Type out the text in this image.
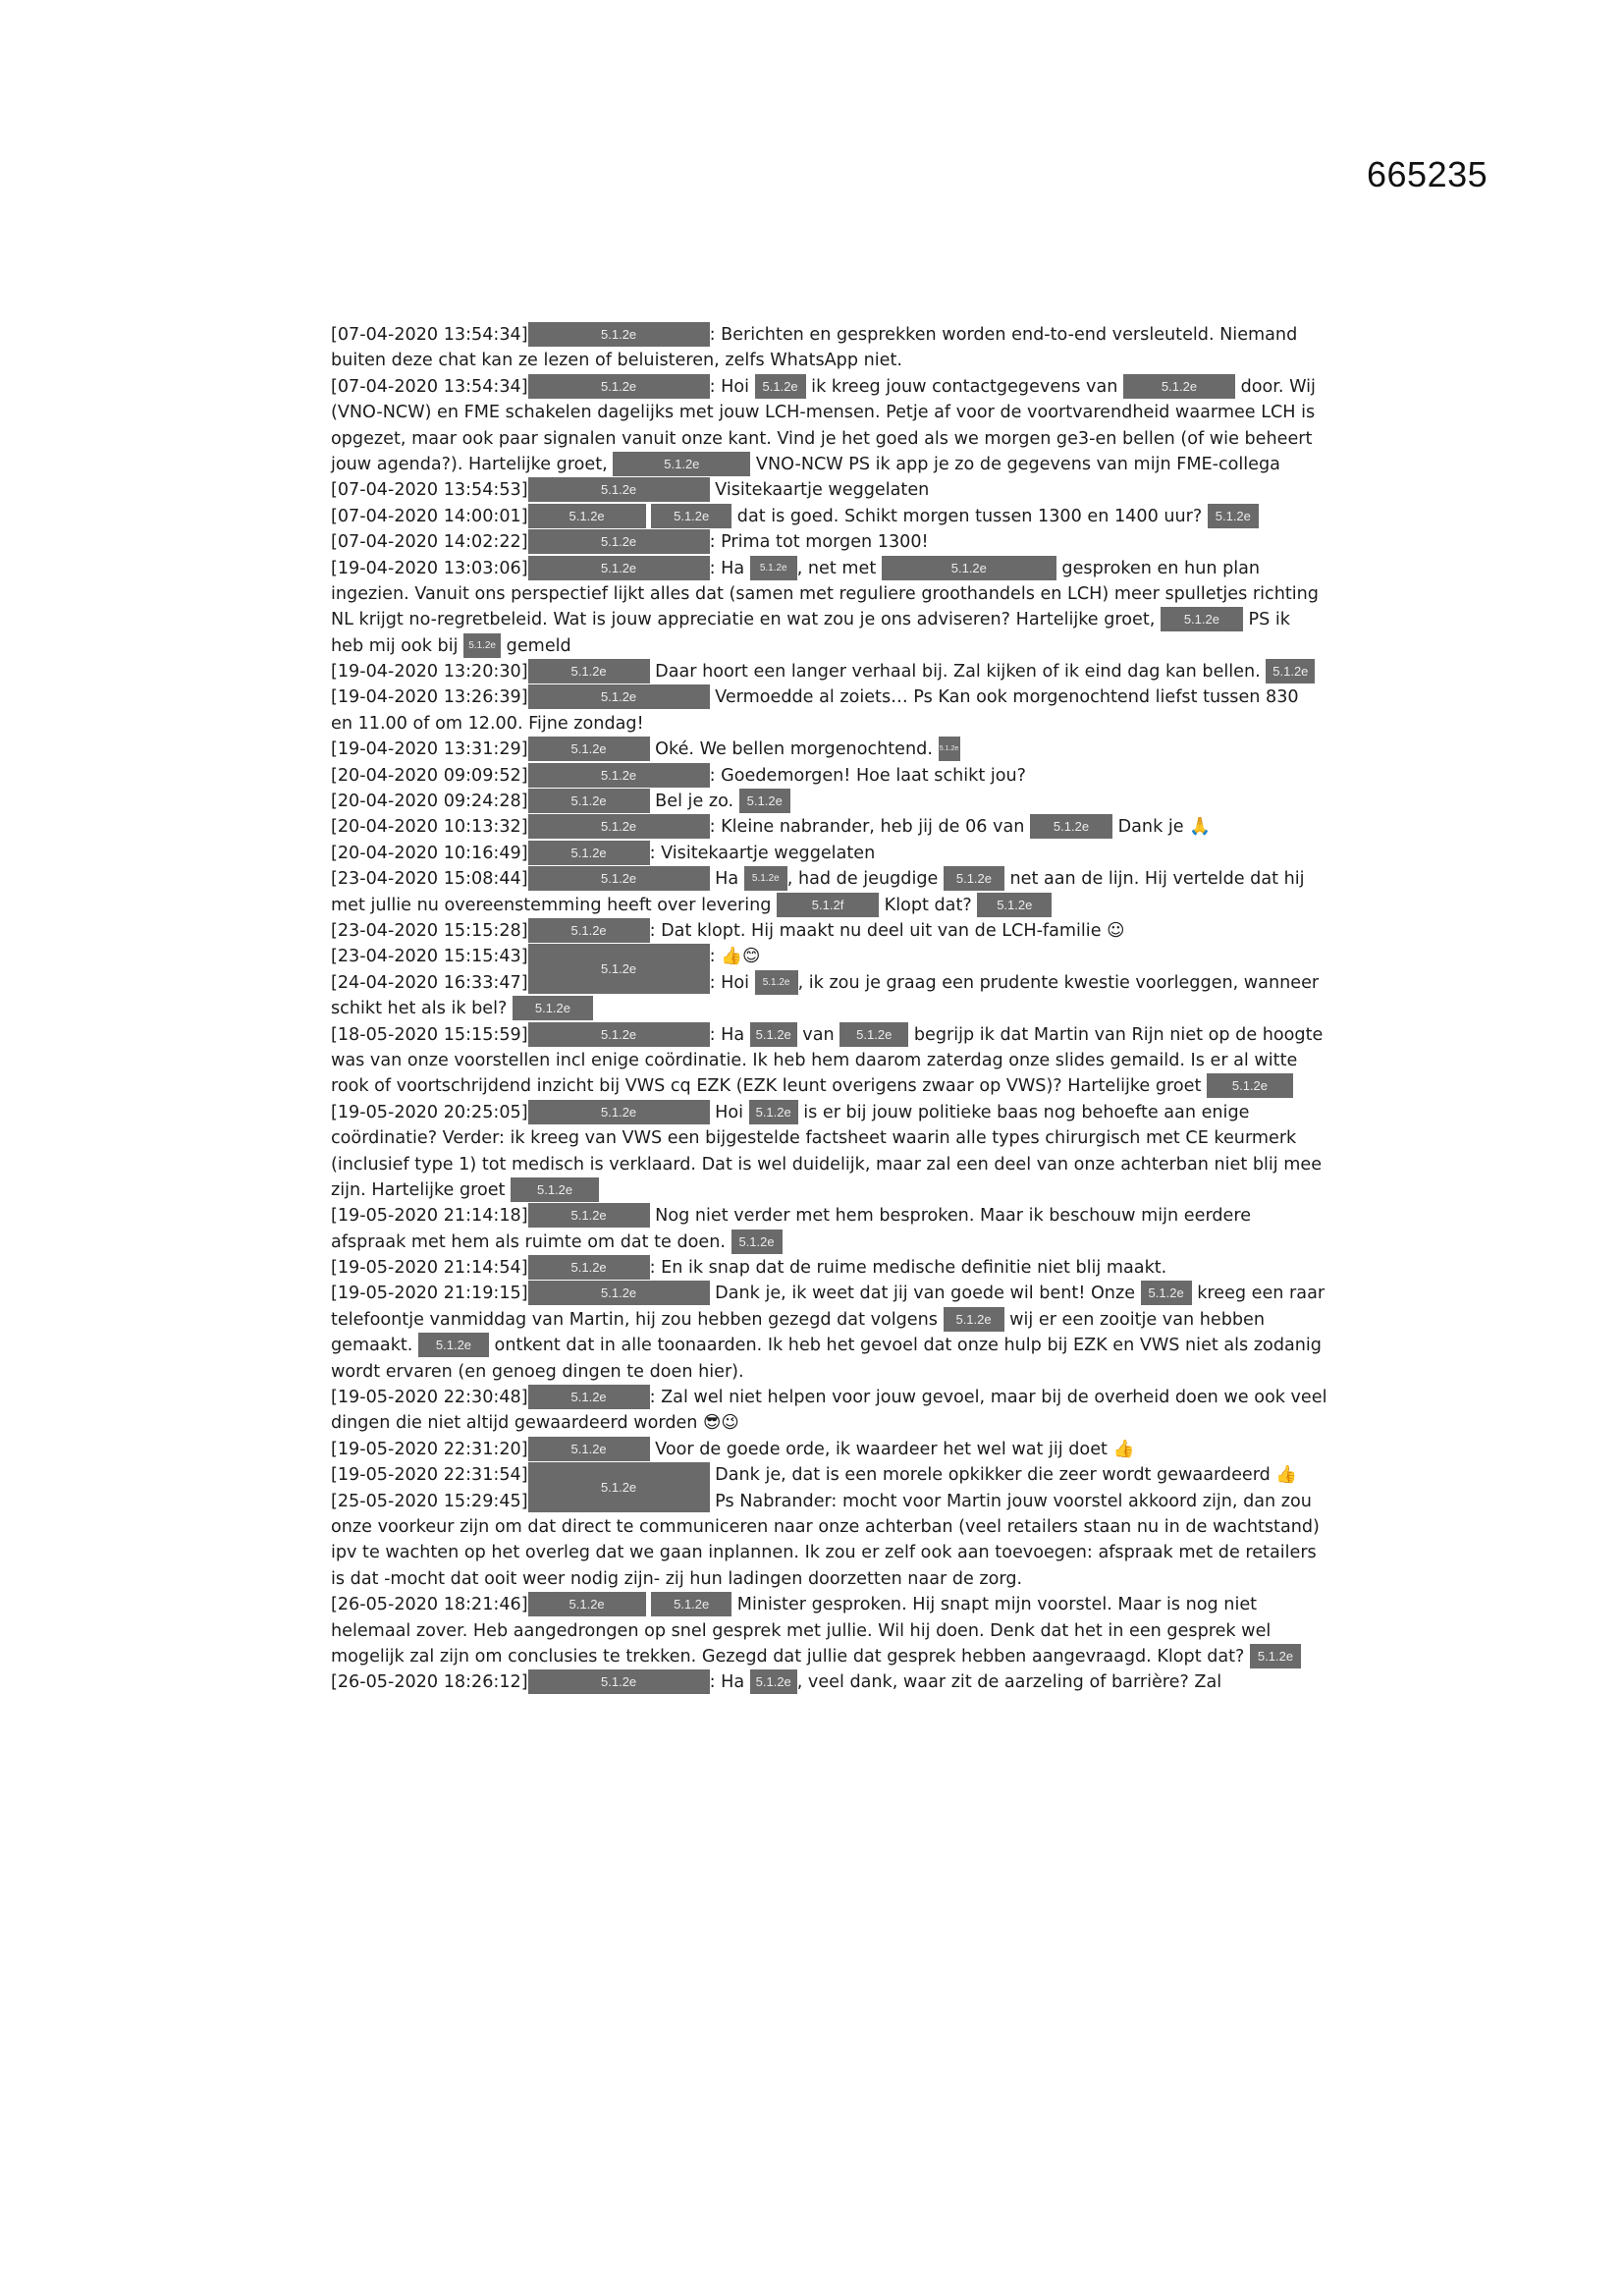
665235
[07-04-2020 13:54:34]	5.1.2e	: Berichten en gesprekken worden end-to-end versleuteld. Niemand
buiten deze chat kan ze lezen of beluisteren, zelfs WhatsApp niet.
[07-04-2020 13:54:34]	5.1.2e	: Hoi 5.1.2e ik kreeg jouw contactgegevens van	5.1.2e door. Wij
(VNO-NCW) en FME schakelen dagelijks met jouw LCH-mensen. Petje af voor de voortvarendheid waarmee LCH is
opgezet, maar ook paar signalen vanuit onze kant. Vind je het goed als we morgen ge3-en bellen (of wie beheert
jouw agenda?). Hartelijke groet,	5.1.2e	VNO-NCW PS ik app je zo de gegevens van mijn FME-collega
[07-04-2020 13:54:53]	5.1.2e	Visitekaartje weggelaten
[07-04-2020 14:00:01]	5.1.2e	5.1.2e dat is goed. Schikt morgen tussen 1300 en 1400 uur? 5.1.2e
[07-04-2020 14:02:22]	5.1.2e	: Prima tot morgen 1300!
[19-04-2020 13:03:06]	5.1.2e	: Ha 5.1.2e , net met	5.1.2e	gesproken en hun plan
ingezien. Vanuit ons perspectief lijkt alles dat (samen met reguliere groothandels en LCH) meer spulletjes richting
NL krijgt no-regretbeleid. Wat is jouw appreciatie en wat zou je ons adviseren? Hartelijke groet, 5.1.2e PS ik
heb mij ook bij 5.1.2e gemeld
[19-04-2020 13:20:30]	5.1.2e Daar hoort een langer verhaal bij. Zal kijken of ik eind dag kan bellen. 5.1.2e
[19-04-2020 13:26:39]	5.1.2e	Vermoedde al zoiets… Ps Kan ook morgenochtend liefst tussen 830
en 11.00 of om 12.00. Fijne zondag!
[19-04-2020 13:31:29]	5.1.2e Oké. We bellen morgenochtend. 5.1.2e
[20-04-2020 09:09:52]	5.1.2e	: Goedemorgen! Hoe laat schikt jou?
[20-04-2020 09:24:28]	5.1.2e Bel je zo. 5.1.2e
[20-04-2020 10:13:32]	5.1.2e	: Kleine nabrander, heb jij de 06 van 5.1.2e Dank je 🙏
[20-04-2020 10:16:49]	5.1.2e : Visitekaartje weggelaten
[23-04-2020 15:08:44]	5.1.2e	Ha 5.1.2e , had de jeugdige 5.1.2e net aan de lijn. Hij vertelde dat hij
met jullie nu overeenstemming heeft over levering	5.1.2f Klopt dat? 5.1.2e
[23-04-2020 15:15:28]	5.1.2e : Dat klopt. Hij maakt nu deel uit van de LCH-familie ☺
[23-04-2020 15:15:43]5.1.2e: 👍😊
[24-04-2020 16:33:47]	: Hoi 5.1.2e , ik zou je graag een prudente kwestie voorleggen, wanneer
schikt het als ik bel? 5.1.2e
[18-05-2020 15:15:59]	5.1.2e	: Ha 5.1.2e van 5.1.2e begrijp ik dat Martin van Rijn niet op de hoogte
was van onze voorstellen incl enige coördinatie. Ik heb hem daarom zaterdag onze slides gemaild. Is er al witte
rook of voortschrijdend inzicht bij VWS cq EZK (EZK leunt overigens zwaar op VWS)? Hartelijke groet 5.1.2e
[19-05-2020 20:25:05]	5.1.2e	Hoi 5.1.2e is er bij jouw politieke baas nog behoefte aan enige
coördinatie? Verder: ik kreeg van VWS een bijgestelde factsheet waarin alle types chirurgisch met CE keurmerk
(inclusief type 1) tot medisch is verklaard. Dat is wel duidelijk, maar zal een deel van onze achterban niet blij mee
zijn. Hartelijke groet 5.1.2e
[19-05-2020 21:14:18]	5.1.2e Nog niet verder met hem besproken. Maar ik beschouw mijn eerdere
afspraak met hem als ruimte om dat te doen. 5.1.2e
[19-05-2020 21:14:54]	5.1.2e : En ik snap dat de ruime medische definitie niet blij maakt.
[19-05-2020 21:19:15]	5.1.2e	Dank je, ik weet dat jij van goede wil bent! Onze 5.1.2e kreeg een raar
telefoontje vanmiddag van Martin, hij zou hebben gezegd dat volgens 5.1.2e wij er een zooitje van hebben
gemaakt. 5.1.2e ontkent dat in alle toonaarden. Ik heb het gevoel dat onze hulp bij EZK en VWS niet als zodanig
wordt ervaren (en genoeg dingen te doen hier).
[19-05-2020 22:30:48]	5.1.2e : Zal wel niet helpen voor jouw gevoel, maar bij de overheid doen we ook veel
dingen die niet altijd gewaardeerd worden 😎😉
[19-05-2020 22:31:20]	5.1.2e Voor de goede orde, ik waardeer het wel wat jij doet 👍
[19-05-2020 22:31:54]5.1.2e Dank je, dat is een morele opkikker die zeer wordt gewaardeerd 👍
[25-05-2020 15:29:45]	Ps Nabrander: mocht voor Martin jouw voorstel akkoord zijn, dan zou
onze voorkeur zijn om dat direct te communiceren naar onze achterban (veel retailers staan nu in de wachtstand)
ipv te wachten op het overleg dat we gaan inplannen. Ik zou er zelf ook aan toevoegen: afspraak met de retailers
is dat -mocht dat ooit weer nodig zijn- zij hun ladingen doorzetten naar de zorg.
[26-05-2020 18:21:46]	5.1.2e	5.1.2e Minister gesproken. Hij snapt mijn voorstel. Maar is nog niet
helemaal zover. Heb aangedrongen op snel gesprek met jullie. Wil hij doen. Denk dat het in een gesprek wel
mogelijk zal zijn om conclusies te trekken. Gezegd dat jullie dat gesprek hebben aangevraagd. Klopt dat? 5.1.2e
[26-05-2020 18:26:12]	5.1.2e	: Ha 5.1.2e , veel dank, waar zit de aarzeling of barrière? Zal
